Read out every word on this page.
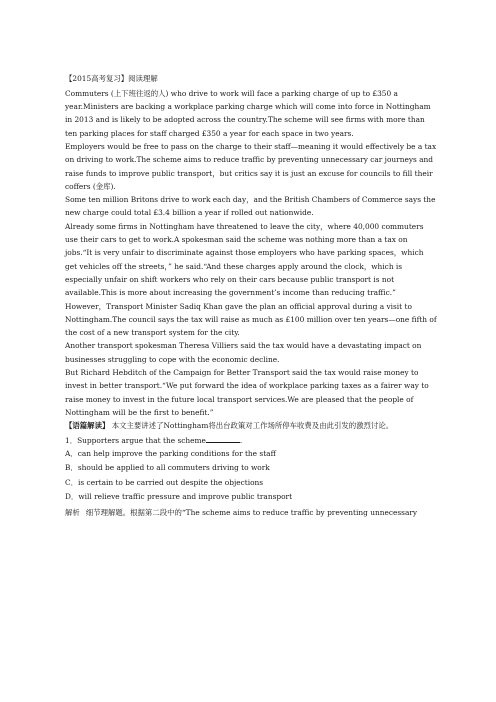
【2015高考复习】阅读理解

Commuters (上下班往返的人) who drive to work will face a parking charge of up to £350 a year.Ministers are backing a workplace parking charge which will come into force in Nottingham in 2013 and is likely to be adopted across the country.The scheme will see firms with more than ten parking places for staff charged £350 a year for each space in two years.

Employers would be free to pass on the charge to their staff—meaning it would effectively be a tax on driving to work.The scheme aims to reduce traffic by preventing unnecessary car journeys and raise funds to improve public transport，but critics say it is just an excuse for councils to fill their coffers (金库).

Some ten million Britons drive to work each day，and the British Chambers of Commerce says the new charge could total £3.4 billion a year if rolled out nationwide.

Already some firms in Nottingham have threatened to leave the city，where 40,000 commuters use their cars to get to work.A spokesman said the scheme was nothing more than a tax on jobs.“It is very unfair to discriminate against those employers who have parking spaces，which get vehicles off the streets，” he said.“And these charges apply around the clock，which is especially unfair on shift workers who rely on their cars because public transport is not available.This is more about increasing the government’s income than reducing traffic.”

However，Transport Minister Sadiq Khan gave the plan an official approval during a visit to Nottingham.The council says the tax will raise as much as £100 million over ten years—one fifth of the cost of a new transport system for the city.

Another transport spokesman Theresa Villiers said the tax would have a devastating impact on businesses struggling to cope with the economic decline.

But Richard Hebditch of the Campaign for Better Transport said the tax would raise money to invest in better transport.“We put forward the idea of workplace parking taxes as a fairer way to raise money to invest in the future local transport services.We are pleased that the people of Nottingham will be the first to benefit.”

【语篇解读】 本文主要讲述了Nottingham将出台政策对工作场所停车收费及由此引发的激烈讨论。

1．Supporters argue that the scheme	.

A．can help improve the parking conditions for the staff

B．should be applied to all commuters driving to work

C．is certain to be carried out despite the objections

D．will relieve traffic pressure and improve public transport

解析 细节理解题。根据第二段中的“The scheme aims to reduce traffic by preventing unnecessary
